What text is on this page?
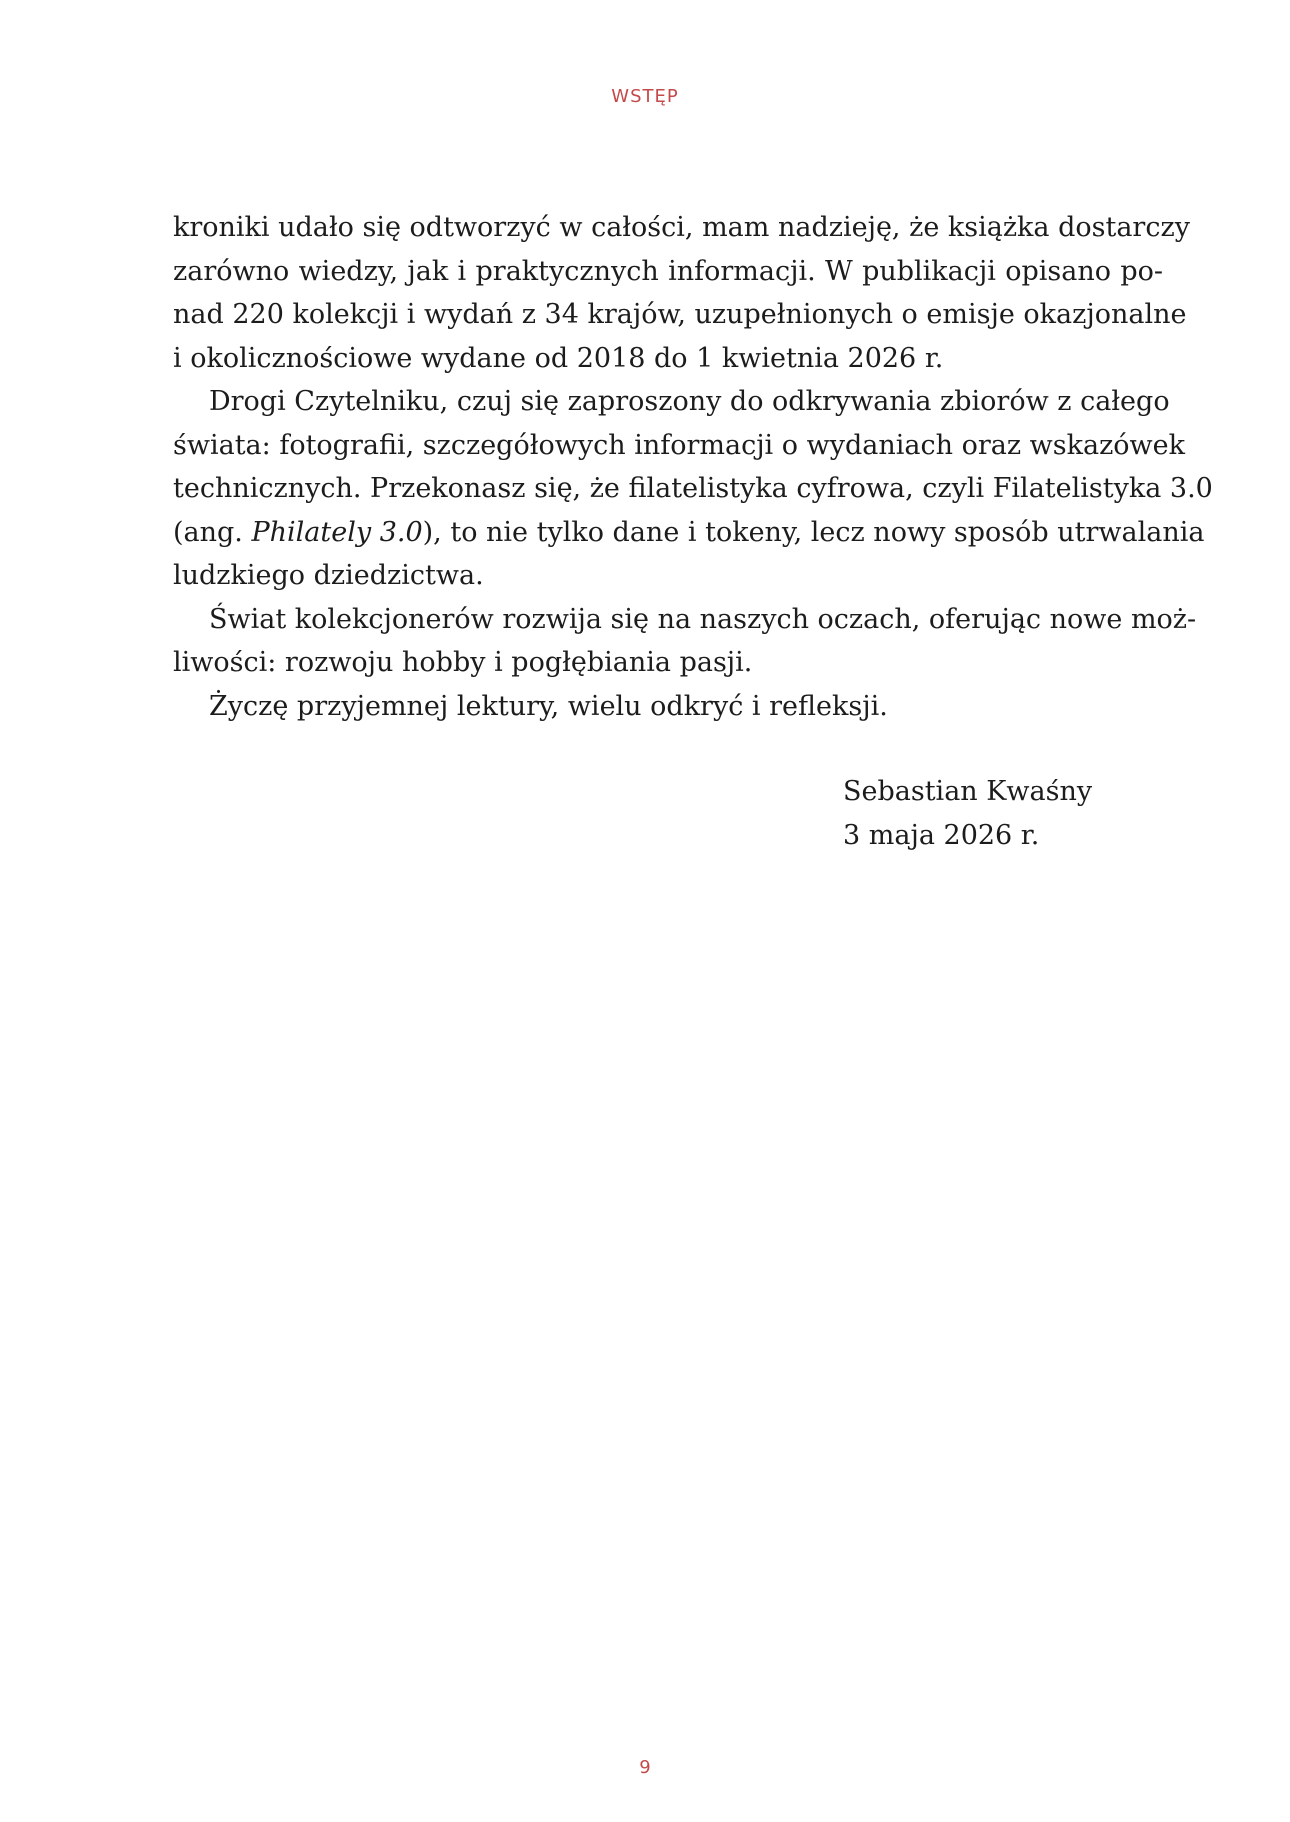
WSTĘP
kroniki udało się odtworzyć w całości, mam nadzieję, że książka dostarczy
zarówno wiedzy, jak i praktycznych informacji. W publikacji opisano po-
nad 220 kolekcji i wydań z 34 krajów, uzupełnionych o emisje okazjonalne
i okolicznościowe wydane od 2018 do 1 kwietnia 2026 r.
Drogi Czytelniku, czuj się zaproszony do odkrywania zbiorów z całego
świata: fotografii, szczegółowych informacji o wydaniach oraz wskazówek
technicznych. Przekonasz się, że filatelistyka cyfrowa, czyli Filatelistyka 3.0
(ang. Philately 3.0), to nie tylko dane i tokeny, lecz nowy sposób utrwalania
ludzkiego dziedzictwa.
Świat kolekcjonerów rozwija się na naszych oczach, oferując nowe moż-
liwości: rozwoju hobby i pogłębiania pasji.
Życzę przyjemnej lektury, wielu odkryć i refleksji.
Sebastian Kwaśny
3 maja 2026 r.
9
